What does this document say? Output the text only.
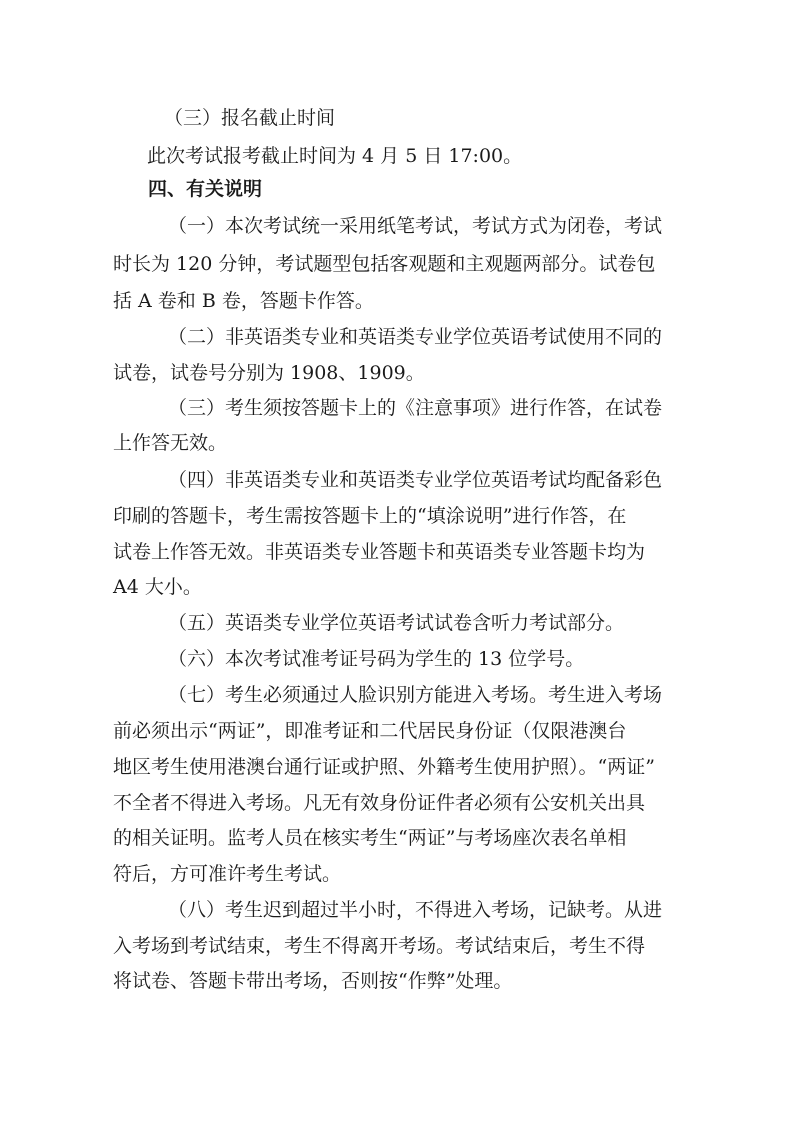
（三）报名截止时间
此次考试报考截止时间为 4 月 5 日 17:00。
四、有关说明
（一）本次考试统一采用纸笔考试，考试方式为闭卷，考试
时长为 120 分钟，考试题型包括客观题和主观题两部分。试卷包
括 A 卷和 B 卷，答题卡作答。
（二）非英语类专业和英语类专业学位英语考试使用不同的
试卷，试卷号分别为 1908、1909。
（三）考生须按答题卡上的《注意事项》进行作答，在试卷
上作答无效。
（四）非英语类专业和英语类专业学位英语考试均配备彩色
印刷的答题卡，考生需按答题卡上的“填涂说明”进行作答，在
试卷上作答无效。非英语类专业答题卡和英语类专业答题卡均为
A4 大小。
（五）英语类专业学位英语考试试卷含听力考试部分。
（六）本次考试准考证号码为学生的 13 位学号。
（七）考生必须通过人脸识别方能进入考场。考生进入考场
前必须出示“两证”，即准考证和二代居民身份证（仅限港澳台
地区考生使用港澳台通行证或护照、外籍考生使用护照）。“两证”
不全者不得进入考场。凡无有效身份证件者必须有公安机关出具
的相关证明。监考人员在核实考生“两证”与考场座次表名单相
符后，方可准许考生考试。
（八）考生迟到超过半小时，不得进入考场，记缺考。从进
入考场到考试结束，考生不得离开考场。考试结束后，考生不得
将试卷、答题卡带出考场，否则按“作弊”处理。
